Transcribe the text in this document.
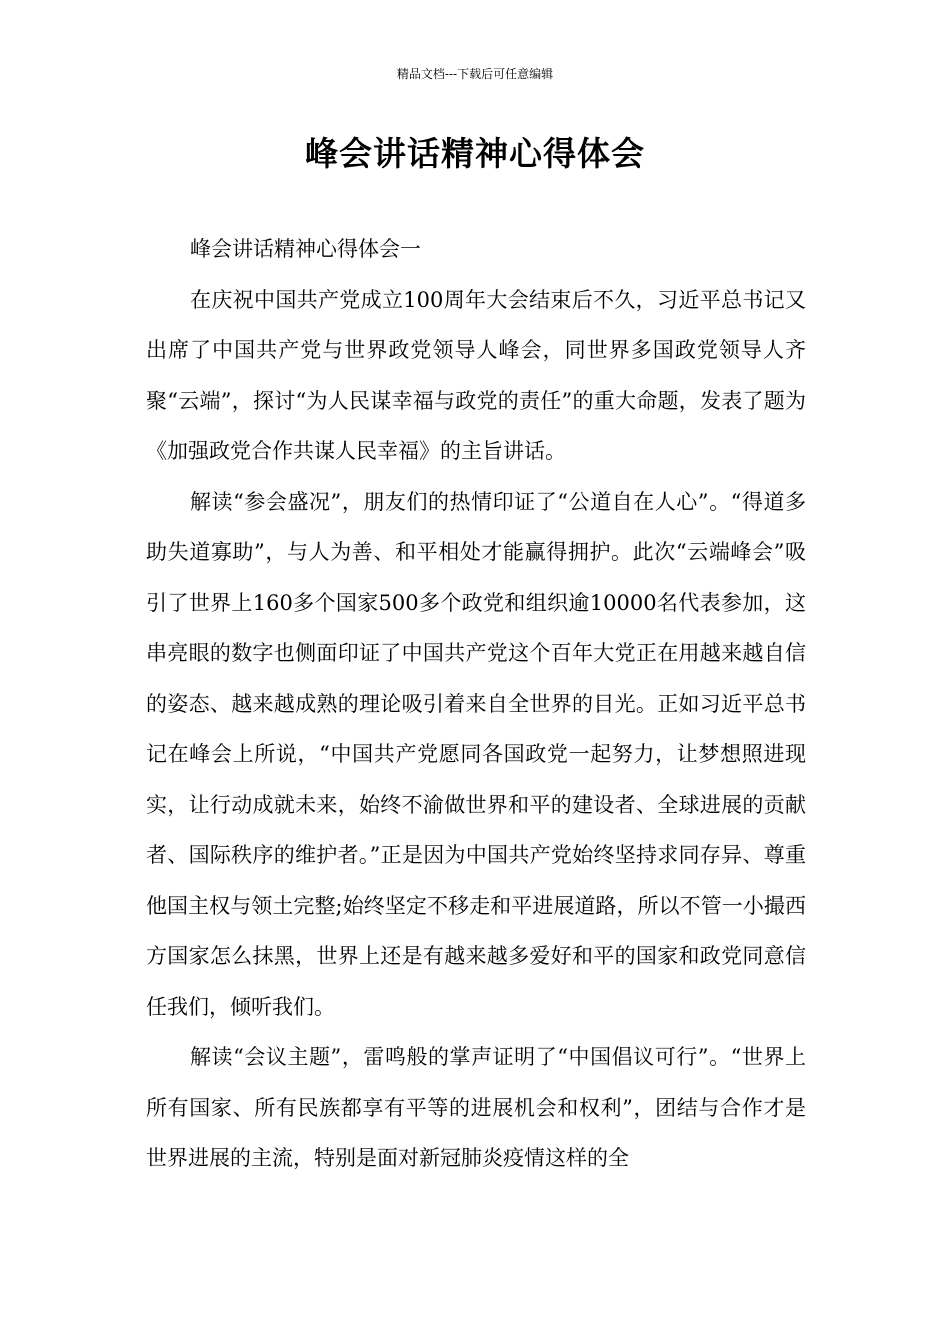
精品文档---下载后可任意编辑
峰会讲话精神心得体会

峰会讲话精神心得体会一

在庆祝中国共产党成立100周年大会结束后不久，习近平总书记又出席了中国共产党与世界政党领导人峰会，同世界多国政党领导人齐聚“云端”，探讨“为人民谋幸福与政党的责任”的重大命题，发表了题为《加强政党合作共谋人民幸福》的主旨讲话。

解读“参会盛况”，朋友们的热情印证了“公道自在人心”。“得道多助失道寡助”，与人为善、和平相处才能赢得拥护。此次“云端峰会”吸引了世界上160多个国家500多个政党和组织逾10000名代表参加，这串亮眼的数字也侧面印证了中国共产党这个百年大党正在用越来越自信的姿态、越来越成熟的理论吸引着来自全世界的目光。正如习近平总书记在峰会上所说，“中国共产党愿同各国政党一起努力，让梦想照进现实，让行动成就未来，始终不渝做世界和平的建设者、全球进展的贡献者、国际秩序的维护者。”正是因为中国共产党始终坚持求同存异、尊重他国主权与领土完整;始终坚定不移走和平进展道路，所以不管一小撮西方国家怎么抹黑，世界上还是有越来越多爱好和平的国家和政党同意信任我们，倾听我们。

解读“会议主题”，雷鸣般的掌声证明了“中国倡议可行”。“世界上所有国家、所有民族都享有平等的进展机会和权利”，团结与合作才是世界进展的主流，特别是面对新冠肺炎疫情这样的全
